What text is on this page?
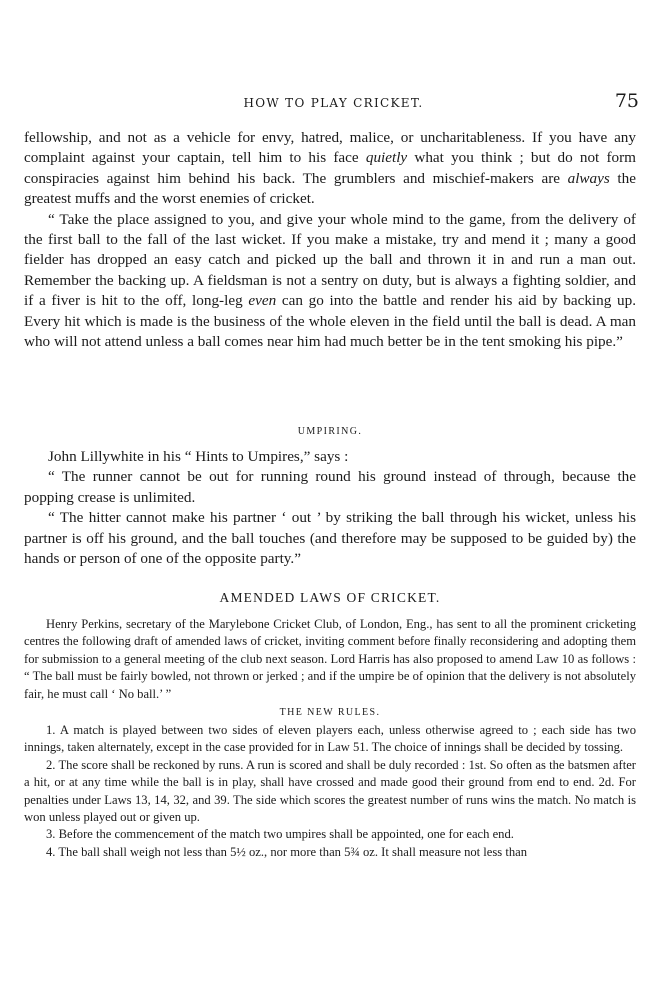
HOW TO PLAY CRICKET.	75

fellowship, and not as a vehicle for envy, hatred, malice, or uncharitableness. If you have any complaint against your captain, tell him to his face quietly what you think ; but do not form conspiracies against him behind his back. The grumblers and mischief-makers are always the greatest muffs and the worst enemies of cricket.

“ Take the place assigned to you, and give your whole mind to the game, from the delivery of the first ball to the fall of the last wicket. If you make a mistake, try and mend it ; many a good fielder has dropped an easy catch and picked up the ball and thrown it in and run a man out. Remember the backing up. A fieldsman is not a sentry on duty, but is always a fighting soldier, and if a fiver is hit to the off, long-leg even can go into the battle and render his aid by backing up. Every hit which is made is the business of the whole eleven in the field until the ball is dead. A man who will not attend unless a ball comes near him had much better be in the tent smoking his pipe.”

UMPIRING.

John Lillywhite in his “ Hints to Umpires,” says :

“ The runner cannot be out for running round his ground instead of through, because the popping crease is unlimited.

“ The hitter cannot make his partner ‘ out ’ by striking the ball through his wicket, unless his partner is off his ground, and the ball touches (and therefore may be supposed to be guided by) the hands or person of one of the opposite party.”

AMENDED LAWS OF CRICKET.

Henry Perkins, secretary of the Marylebone Cricket Club, of London, Eng., has sent to all the prominent cricketing centres the following draft of amended laws of cricket, inviting comment before finally reconsidering and adopting them for submission to a general meeting of the club next season. Lord Harris has also proposed to amend Law 10 as follows : “ The ball must be fairly bowled, not thrown or jerked ; and if the umpire be of opinion that the delivery is not absolutely fair, he must call ‘ No ball.’ ”

THE NEW RULES.

1. A match is played between two sides of eleven players each, unless otherwise agreed to ; each side has two innings, taken alternately, except in the case provided for in Law 51. The choice of innings shall be decided by tossing.

2. The score shall be reckoned by runs. A run is scored and shall be duly recorded : 1st. So often as the batsmen after a hit, or at any time while the ball is in play, shall have crossed and made good their ground from end to end. 2d. For penalties under Laws 13, 14, 32, and 39. The side which scores the greatest number of runs wins the match. No match is won unless played out or given up.

3. Before the commencement of the match two umpires shall be appointed, one for each end.

4. The ball shall weigh not less than 5½ oz., nor more than 5¾ oz. It shall measure not less than
